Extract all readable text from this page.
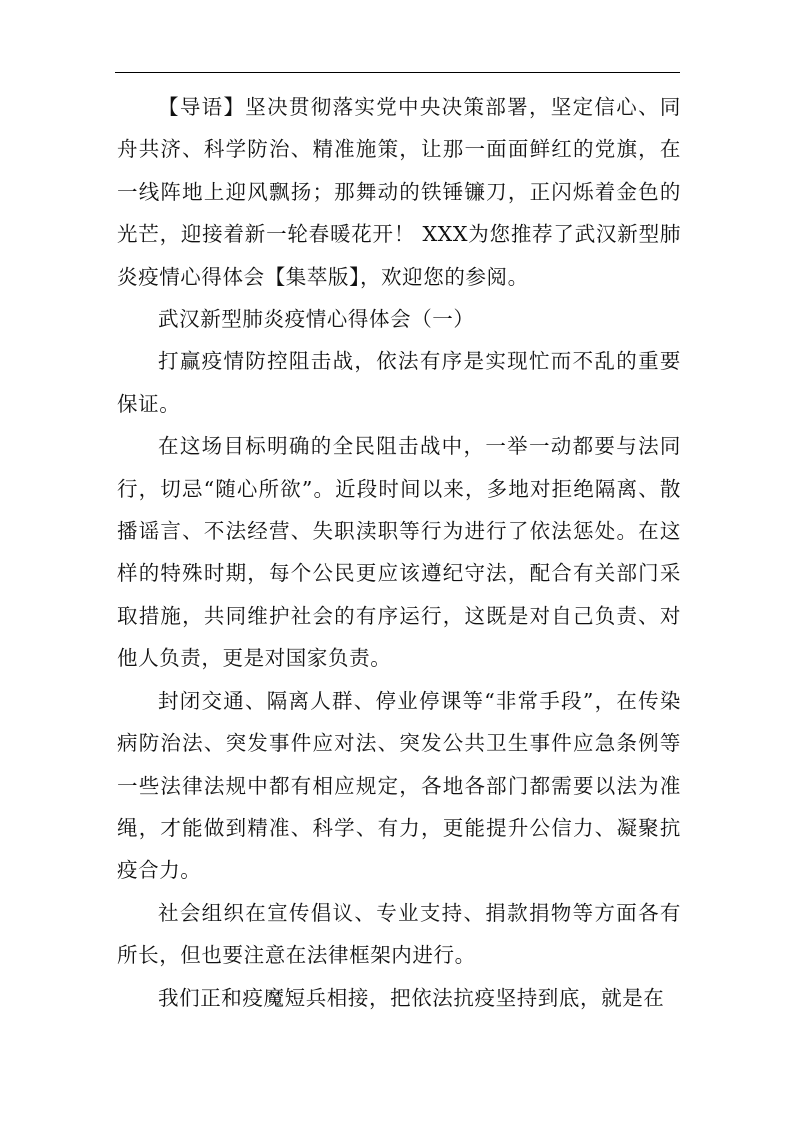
【导语】坚决贯彻落实党中央决策部署，坚定信心、同舟共济、科学防治、精准施策，让那一面面鲜红的党旗，在一线阵地上迎风飘扬；那舞动的铁锤镰刀，正闪烁着金色的光芒，迎接着新一轮春暖花开！ XXX为您推荐了武汉新型肺炎疫情心得体会【集萃版】，欢迎您的参阅。

武汉新型肺炎疫情心得体会（一）

打赢疫情防控阻击战，依法有序是实现忙而不乱的重要保证。

在这场目标明确的全民阻击战中，一举一动都要与法同行，切忌“随心所欲”。近段时间以来，多地对拒绝隔离、散播谣言、不法经营、失职渎职等行为进行了依法惩处。在这样的特殊时期，每个公民更应该遵纪守法，配合有关部门采取措施，共同维护社会的有序运行，这既是对自己负责、对他人负责，更是对国家负责。

封闭交通、隔离人群、停业停课等“非常手段”，在传染病防治法、突发事件应对法、突发公共卫生事件应急条例等一些法律法规中都有相应规定，各地各部门都需要以法为准绳，才能做到精准、科学、有力，更能提升公信力、凝聚抗疫合力。

社会组织在宣传倡议、专业支持、捐款捐物等方面各有所长，但也要注意在法律框架内进行。

我们正和疫魔短兵相接，把依法抗疫坚持到底，就是在
